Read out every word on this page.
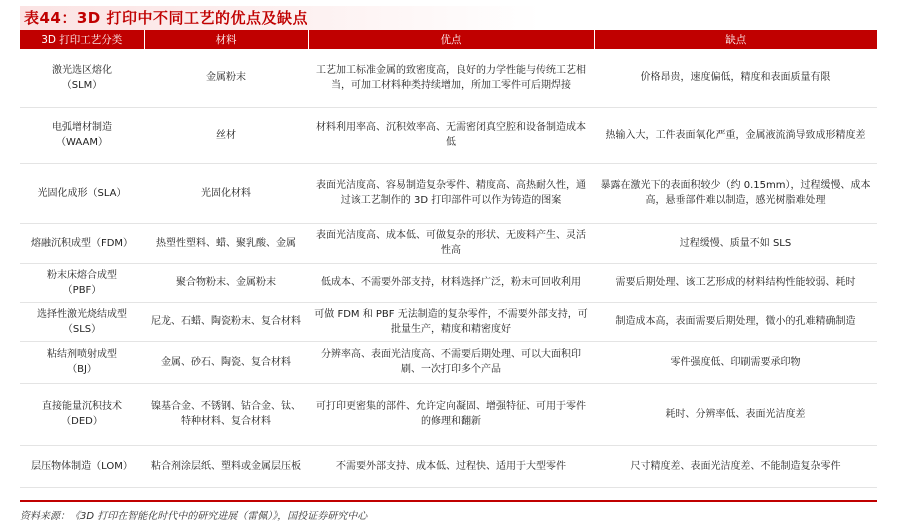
表44：3D 打印中不同工艺的优点及缺点
3D 打印工艺分类	材料	优点	缺点
激光选区熔化
（SLM）	金属粉末	工艺加工标准金属的致密度高，良好的力学性能与传统工艺相当，可加工材料种类持续增加，所加工零件可后期焊接	价格昂贵，速度偏低，精度和表面质量有限
电弧增材制造
（WAAM）	丝材	材料利用率高、沉积效率高、无需密闭真空腔和设备制造成本低	热输入大，工件表面氧化严重，金属液流淌导致成形精度差
光固化成形（SLA）	光固化材料	表面光洁度高、容易制造复杂零件、精度高、高热耐久性，通过该工艺制作的 3D 打印部件可以作为铸造的图案	暴露在激光下的表面积较少（约 0.15mm），过程缓慢、成本高，悬垂部件难以制造，感光树脂难处理
熔融沉积成型（FDM）	热塑性塑料、蜡、聚乳酸、金属	表面光洁度高、成本低、可做复杂的形状、无废料产生、灵活性高	过程缓慢、质量不如 SLS
粉末床熔合成型
（PBF）	聚合物粉末、金属粉末	低成本、不需要外部支持，材料选择广泛，粉末可回收利用	需要后期处理、该工艺形成的材料结构性能较弱、耗时
选择性激光烧结成型（SLS）	尼龙、石蜡、陶瓷粉末、复合材料	可做 FDM 和 PBF 无法制造的复杂零件，不需要外部支持，可批量生产，精度和精密度好	制造成本高，表面需要后期处理，微小的孔难精确制造
粘结剂喷射成型
（BJ）	金属、砂石、陶瓷、复合材料	分辨率高、表面光洁度高、不需要后期处理、可以大面积印刷、一次打印多个产品	零件强度低、印刷需要承印物
直接能量沉积技术
（DED）	镍基合金、不锈钢、钴合金、钛、特种材料、复合材料	可打印更密集的部件、允许定向凝固、增强特征、可用于零件的修理和翻新	耗时、分辨率低、表面光洁度差
层压物体制造（LOM）	粘合剂涂层纸、塑料或金属层压板	不需要外部支持、成本低、过程快、适用于大型零件	尺寸精度差、表面光洁度差、不能制造复杂零件
资料来源：《3D 打印在智能化时代中的研究进展（雷佩）》，国投证券研究中心
